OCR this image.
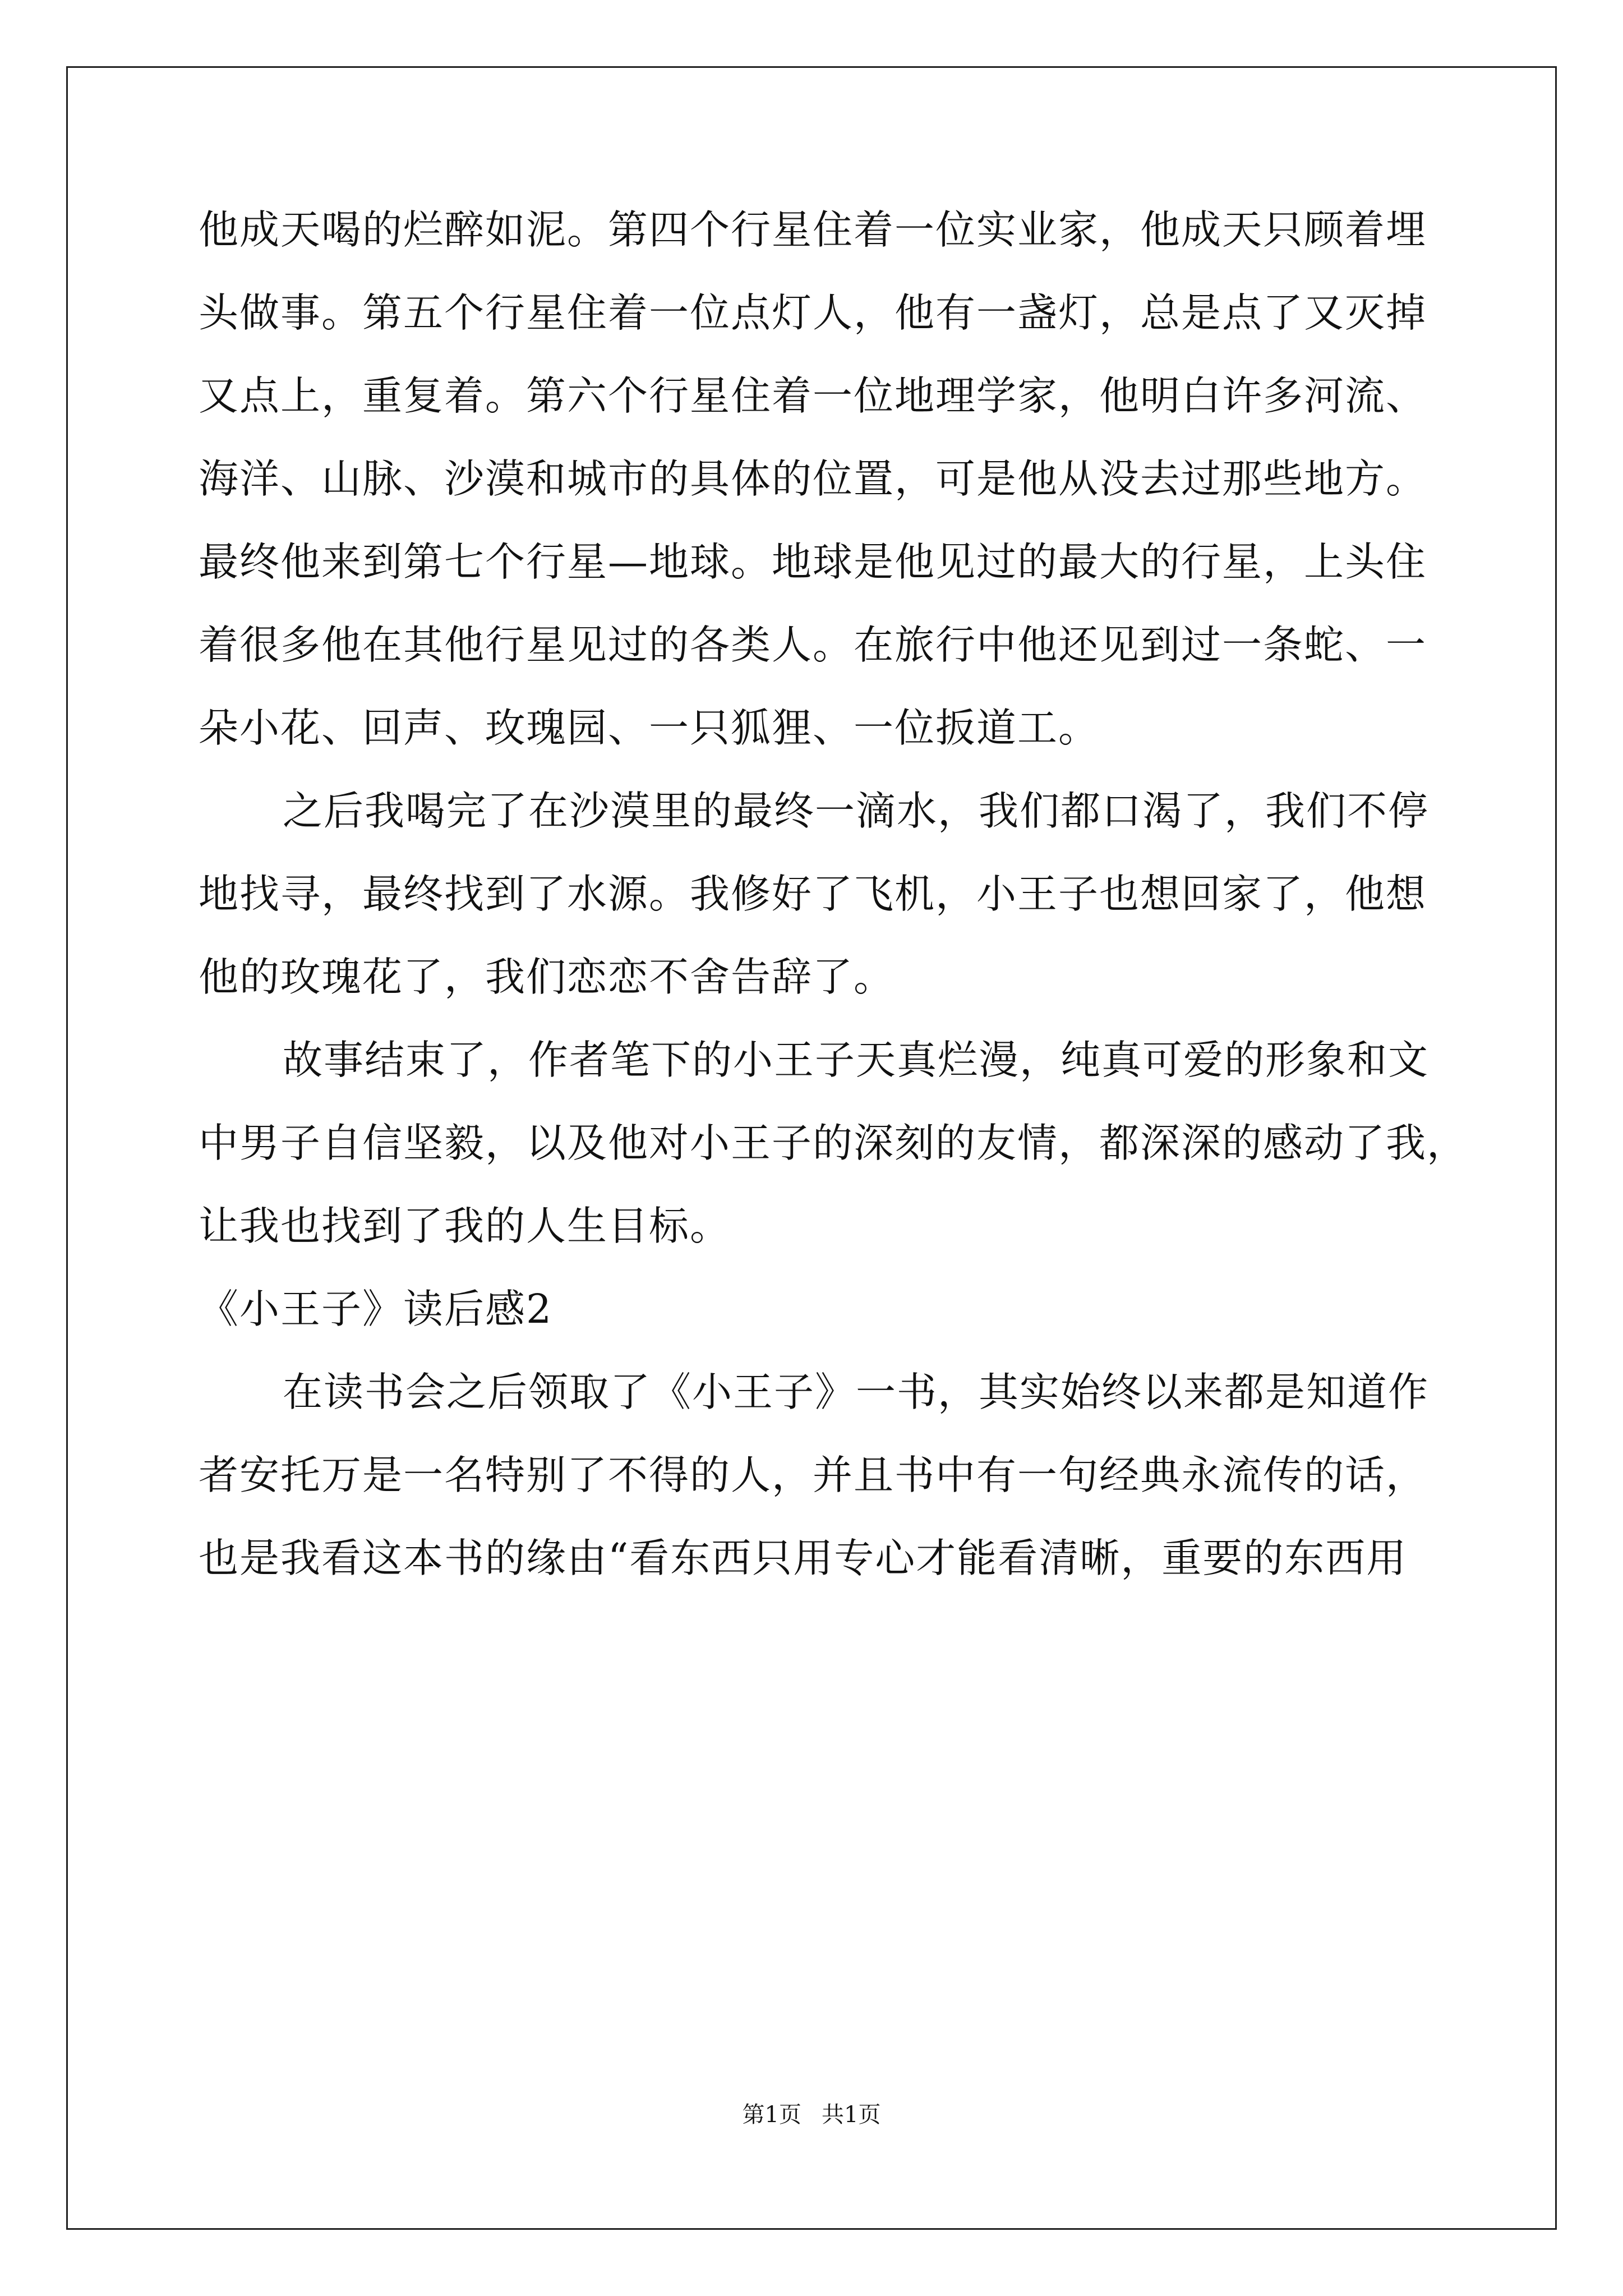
他成天喝的烂醉如泥。第四个行星住着一位实业家，他成天只顾着埋
头做事。第五个行星住着一位点灯人，他有一盏灯，总是点了又灭掉
又点上，重复着。第六个行星住着一位地理学家，他明白许多河流、
海洋、山脉、沙漠和城市的具体的位置，可是他从没去过那些地方。
最终他来到第七个行星—地球。地球是他见过的最大的行星，上头住
着很多他在其他行星见过的各类人。在旅行中他还见到过一条蛇、一
朵小花、回声、玫瑰园、一只狐狸、一位扳道工。
之后我喝完了在沙漠里的最终一滴水，我们都口渴了，我们不停
地找寻，最终找到了水源。我修好了飞机，小王子也想回家了，他想
他的玫瑰花了，我们恋恋不舍告辞了。
故事结束了，作者笔下的小王子天真烂漫，纯真可爱的形象和文
中男子自信坚毅，以及他对小王子的深刻的友情，都深深的感动了我，
让我也找到了我的人生目标。
《小王子》读后感2
在读书会之后领取了《小王子》一书，其实始终以来都是知道作
者安托万是一名特别了不得的人，并且书中有一句经典永流传的话，
也是我看这本书的缘由“看东西只用专心才能看清晰，重要的东西用
第1页 共1页
